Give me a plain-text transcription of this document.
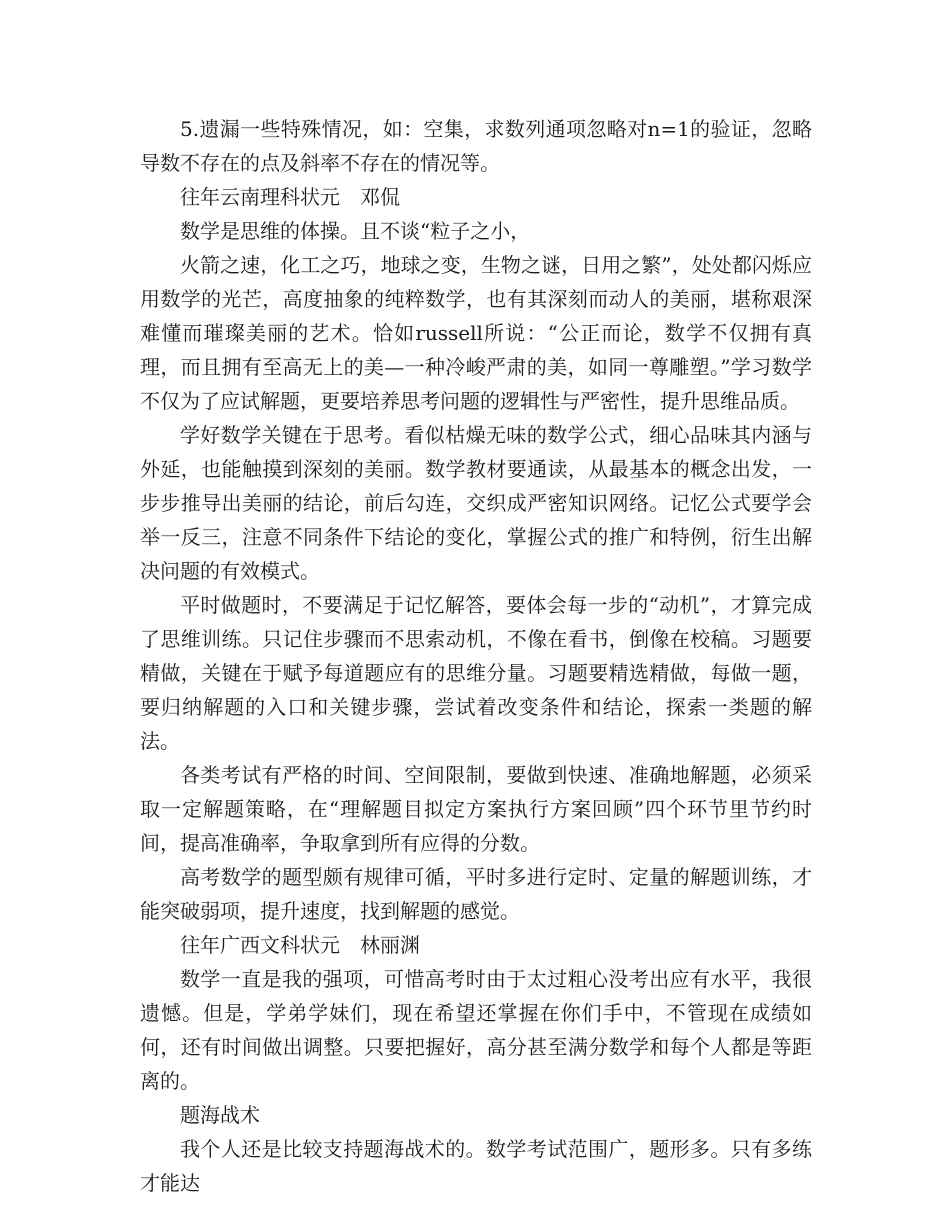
5.遗漏一些特殊情况，如：空集，求数列通项忽略对n=1的验证，忽略导数不存在的点及斜率不存在的情况等。

往年云南理科状元　邓侃

数学是思维的体操。且不谈“粒子之小，

火箭之速，化工之巧，地球之变，生物之谜，日用之繁”，处处都闪烁应用数学的光芒，高度抽象的纯粹数学，也有其深刻而动人的美丽，堪称艰深难懂而璀璨美丽的艺术。恰如russell所说：“公正而论，数学不仅拥有真理，而且拥有至高无上的美—一种冷峻严肃的美，如同一尊雕塑。”学习数学不仅为了应试解题，更要培养思考问题的逻辑性与严密性，提升思维品质。

学好数学关键在于思考。看似枯燥无味的数学公式，细心品味其内涵与外延，也能触摸到深刻的美丽。数学教材要通读，从最基本的概念出发，一步步推导出美丽的结论，前后勾连，交织成严密知识网络。记忆公式要学会举一反三，注意不同条件下结论的变化，掌握公式的推广和特例，衍生出解决问题的有效模式。

平时做题时，不要满足于记忆解答，要体会每一步的“动机”，才算完成了思维训练。只记住步骤而不思索动机，不像在看书，倒像在校稿。习题要精做，关键在于赋予每道题应有的思维分量。习题要精选精做，每做一题，要归纳解题的入口和关键步骤，尝试着改变条件和结论，探索一类题的解法。

各类考试有严格的时间、空间限制，要做到快速、准确地解题，必须采取一定解题策略，在“理解题目拟定方案执行方案回顾”四个环节里节约时间，提高准确率，争取拿到所有应得的分数。

高考数学的题型颇有规律可循，平时多进行定时、定量的解题训练，才能突破弱项，提升速度，找到解题的感觉。

往年广西文科状元　林丽渊

数学一直是我的强项，可惜高考时由于太过粗心没考出应有水平，我很遗憾。但是，学弟学妹们，现在希望还掌握在你们手中，不管现在成绩如何，还有时间做出调整。只要把握好，高分甚至满分数学和每个人都是等距离的。

题海战术

我个人还是比较支持题海战术的。数学考试范围广，题形多。只有多练才能达
